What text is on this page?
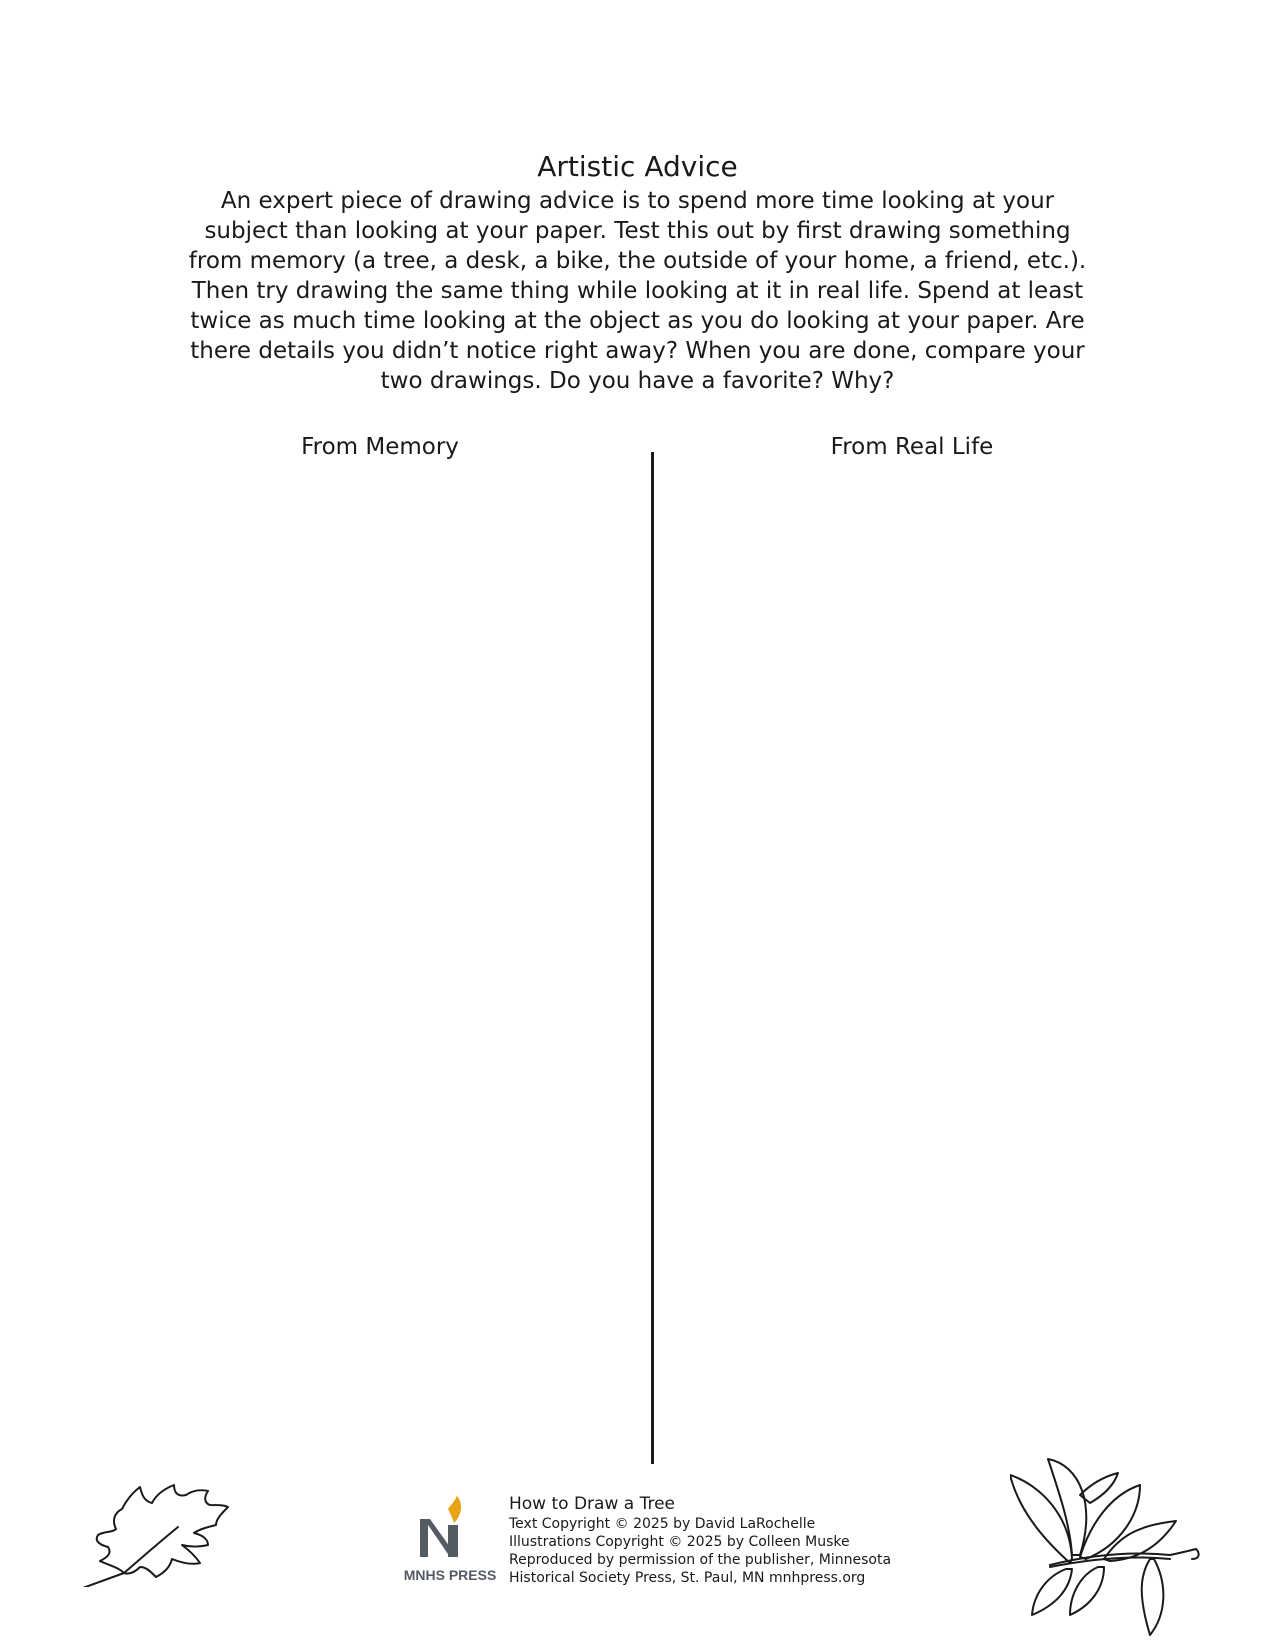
Artistic Advice

An expert piece of drawing advice is to spend more time looking at your subject than looking at your paper. Test this out by first drawing something from memory (a tree, a desk, a bike, the outside of your home, a friend, etc.). Then try drawing the same thing while looking at it in real life. Spend at least twice as much time looking at the object as you do looking at your paper. Are there details you didn’t notice right away? When you are done, compare your two drawings. Do you have a favorite? Why?

From Memory	From Real Life
MNHS PRESS
How to Draw a Tree
Text Copyright © 2025 by David LaRochelle
Illustrations Copyright © 2025 by Colleen Muske
Reproduced by permission of the publisher, Minnesota
Historical Society Press, St. Paul, MN mnhpress.org
